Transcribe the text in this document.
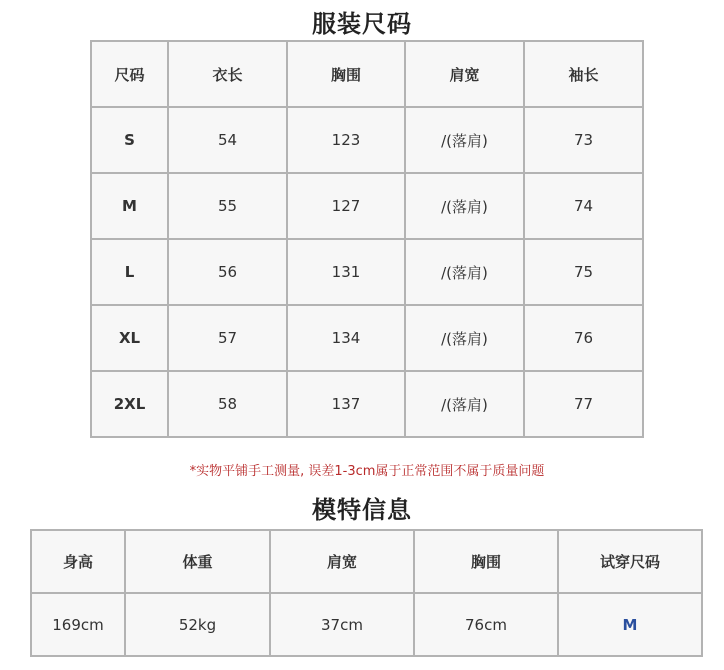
服装尺码
尺码	衣长	胸围	肩宽	袖长
S	54	123	/(落肩)	73
M	55	127	/(落肩)	74
L	56	131	/(落肩)	75
XL	57	134	/(落肩)	76
2XL	58	137	/(落肩)	77
*实物平铺手工测量, 误差1-3cm属于正常范围不属于质量问题
模特信息
身高	体重	肩宽	胸围	试穿尺码
169cm	52kg	37cm	76cm	M
